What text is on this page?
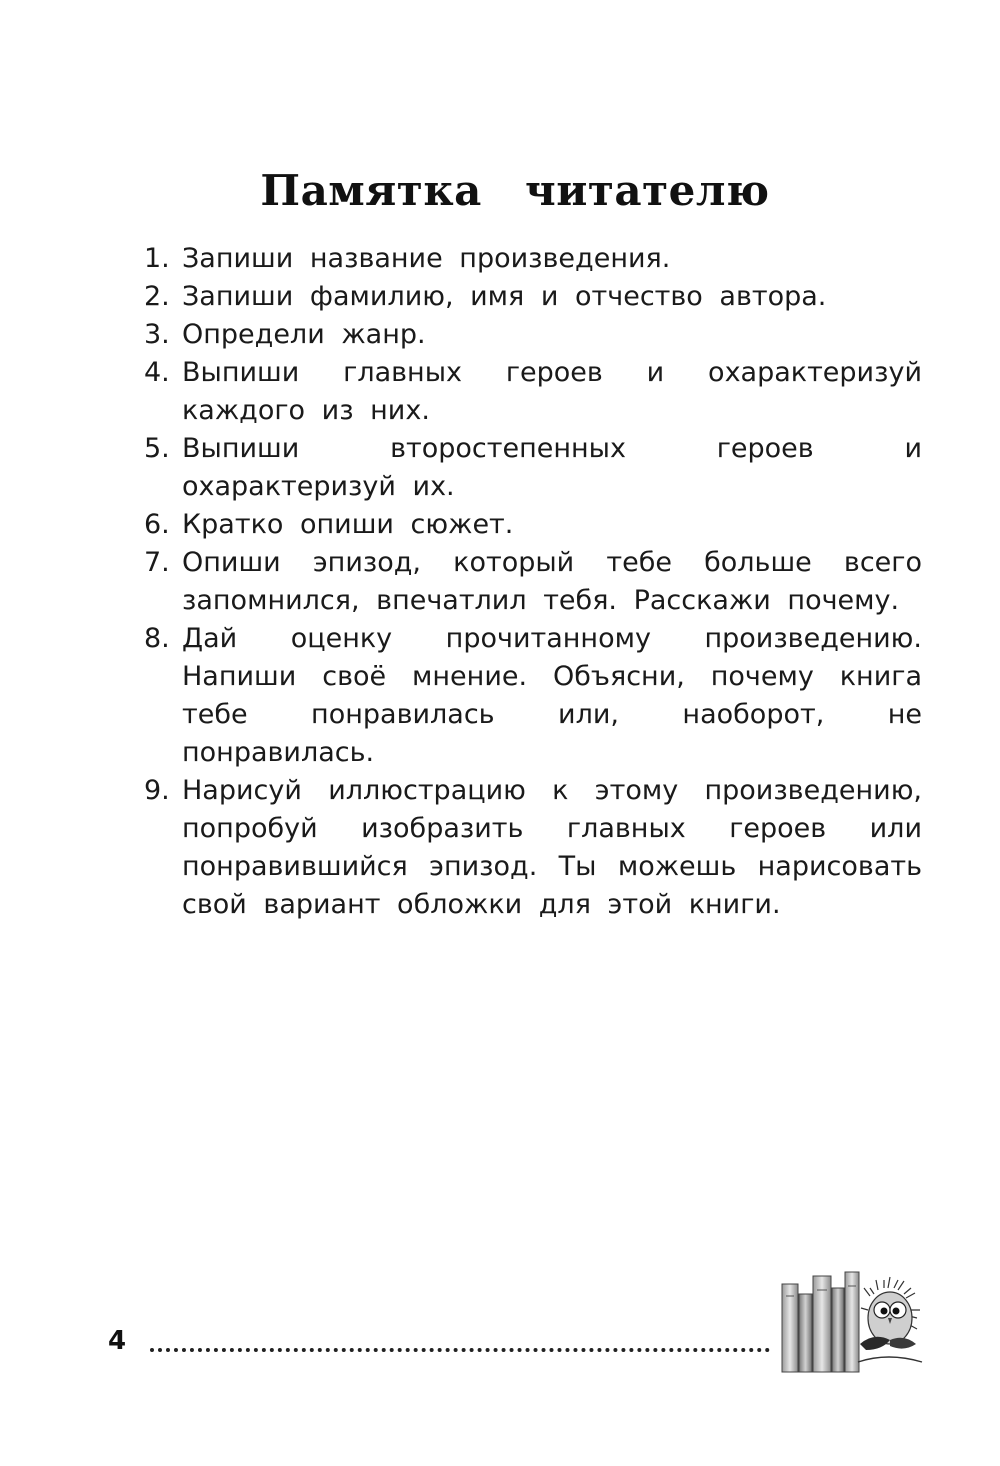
Памятка читателю
1. Запиши название произведения.
2. Запиши фамилию, имя и отчество автора.
3. Определи жанр.
4. Выпиши главных героев и охарактеризуй каждого из них.
5. Выпиши второстепенных героев и охарактеризуй их.
6. Кратко опиши сюжет.
7. Опиши эпизод, который тебе больше всего запомнился, впечатлил тебя. Расскажи почему.
8. Дай оценку прочитанному произведению. Напиши своё мнение. Объясни, почему книга тебе понравилась или, наоборот, не понравилась.
9. Нарисуй иллюстрацию к этому произведению, попробуй изобразить главных героев или понравившийся эпизод. Ты можешь нарисовать свой вариант обложки для этой книги.
4
